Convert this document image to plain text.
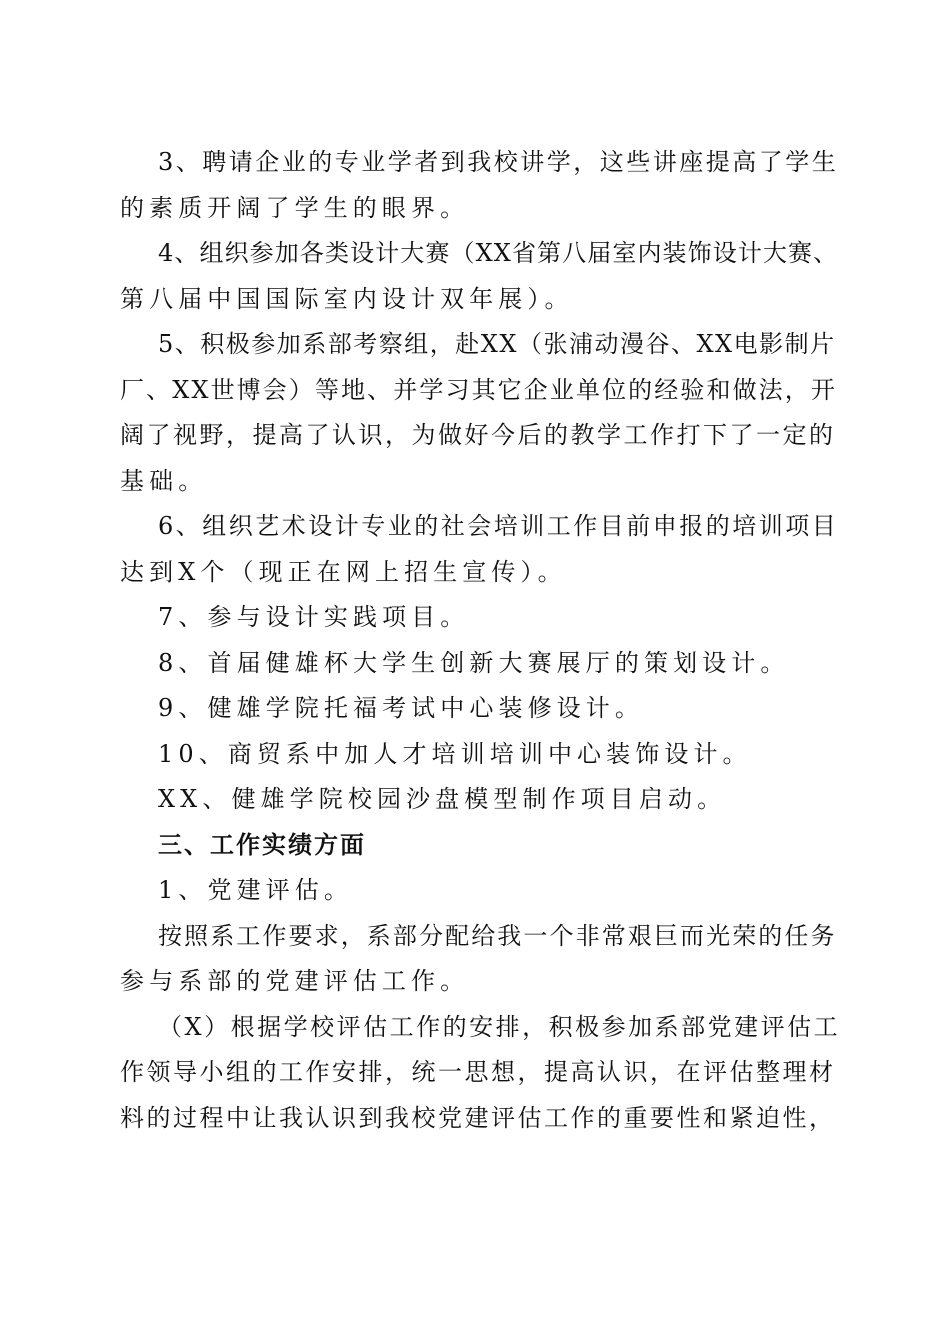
3、聘请企业的专业学者到我校讲学，这些讲座提高了学生
的素质开阔了学生的眼界。
4、组织参加各类设计大赛（XX省第八届室内装饰设计大赛、
第八届中国国际室内设计双年展）。
5、积极参加系部考察组，赴XX（张浦动漫谷、XX电影制片
厂、XX世博会）等地、并学习其它企业单位的经验和做法，开
阔了视野，提高了认识，为做好今后的教学工作打下了一定的
基础。
6、组织艺术设计专业的社会培训工作目前申报的培训项目
达到X个（现正在网上招生宣传）。
7、参与设计实践项目。
8、首届健雄杯大学生创新大赛展厅的策划设计。
9、健雄学院托福考试中心装修设计。
10、商贸系中加人才培训培训中心装饰设计。
XX、健雄学院校园沙盘模型制作项目启动。
三、工作实绩方面
1、党建评估。
按照系工作要求，系部分配给我一个非常艰巨而光荣的任务
参与系部的党建评估工作。
（X）根据学校评估工作的安排，积极参加系部党建评估工
作领导小组的工作安排，统一思想，提高认识，在评估整理材
料的过程中让我认识到我校党建评估工作的重要性和紧迫性，
